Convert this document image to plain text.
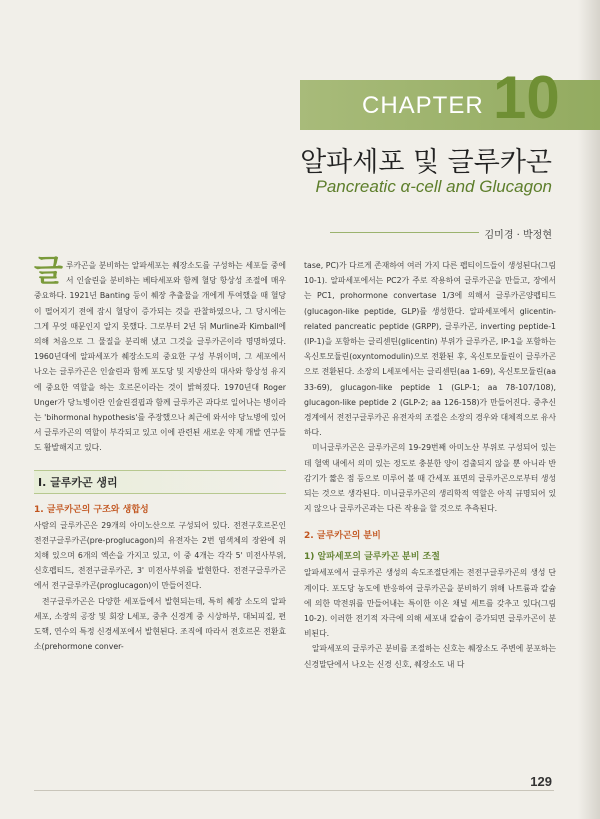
CHAPTER 10
알파세포 및 글루카곤
Pancreatic α-cell and Glucagon
김미경 · 박정현

글루카곤을 분비하는 알파세포는 췌장소도를 구성하는 세포들 중에서 인슐린을 분비하는 베타세포와 함께 혈당 항상성 조절에 매우 중요하다. 1921년 Banting 등이 췌장 추출물을 개에게 투여했을 때 혈당이 떨어지기 전에 잠시 혈당이 증가되는 것을 관찰하였으나, 그 당시에는 그게 무엇 때문인지 알지 못했다. 그로부터 2년 뒤 Murline과 Kimball에 의해 처음으로 그 물질을 분리해 냈고 그것을 글루카곤이라 명명하였다. 1960년대에 알파세포가 췌장소도의 중요한 구성 부위이며, 그 세포에서 나오는 글루카곤은 인슐린과 함께 포도당 및 지방산의 대사와 항상성 유지에 중요한 역할을 하는 호르몬이라는 것이 밝혀졌다. 1970년대 Roger Unger가 당뇨병이란 인슐린결핍과 함께 글루카곤 과다로 일어나는 병이라는 'bihormonal hypothesis'를 주장했으나 최근에 와서야 당뇨병에 있어서 글루카곤의 역할이 부각되고 있고 이에 관련된 새로운 약제 개발 연구들도 활발해지고 있다.

Ⅰ. 글루카곤 생리
1. 글루카곤의 구조와 생합성

사람의 글루카곤은 29개의 아미노산으로 구성되어 있다. 전전구호르몬인 전전구글루카곤(pre-proglucagon)의 유전자는 2번 염색체의 장완에 위치해 있으며 6개의 엑손을 가지고 있고, 이 중 4개는 각각 5' 미전사부위, 신호펩티드, 전전구글루카곤, 3' 미전사부위를 발현한다. 전전구글루카곤에서 전구글루카곤(proglucagon)이 만들어진다.

전구글루카곤은 다양한 세포들에서 발현되는데, 특히 췌장 소도의 알파세포, 소장의 공장 및 회장 L세포, 중추 신경계 중 시상하부, 대뇌피질, 편도핵, 연수의 특정 신경세포에서 발현된다. 조직에 따라서 전호르몬 전환효소(prehormone conver-

tase, PC)가 다르게 존재하여 여러 가지 다른 펩티이드들이 생성된다(그림 10-1). 알파세포에서는 PC2가 주로 작용하여 글루카곤을 만들고, 장에서는 PC1, prohormone convertase 1/3에 의해서 글루카곤양펩티드(glucagon-like peptide, GLP)를 생성한다. 알파세포에서 glicentin-related pancreatic peptide (GRPP), 글루카곤, inverting peptide-1 (IP-1)을 포함하는 글리센틴(glicentin) 부위가 글루카곤, IP-1을 포함하는 옥신토모듈린(oxyntomodulin)으로 전환된 후, 옥신토모듈린이 글루카곤으로 전환된다. 소장의 L세포에서는 글리센틴(aa 1-69), 옥신토모듈린(aa 33-69), glucagon-like peptide 1 (GLP-1; aa 78-107/108), glucagon-like peptide 2 (GLP-2; aa 126-158)가 만들어진다. 중추신경계에서 전전구글루카곤 유전자의 조절은 소장의 경우와 대체적으로 유사하다.

미니글루카곤은 글루카곤의 19-29번째 아미노산 부위로 구성되어 있는데 혈액 내에서 의미 있는 정도로 충분한 양이 검출되지 않을 뿐 아니라 반감기가 짧은 점 등으로 미루어 볼 때 간세포 표면의 글루카곤으로부터 생성되는 것으로 생각된다. 미니글루카곤의 생리학적 역할은 아직 규명되어 있지 않으나 글루카곤과는 다른 작용을 할 것으로 추측된다.

2. 글루카곤의 분비
1) 알파세포의 글루카곤 분비 조절

알파세포에서 글루카곤 생성의 속도조절단계는 전전구글루카곤의 생성 단계이다. 포도당 농도에 반응하여 글루카곤을 분비하기 위해 나트륨과 칼슘에 의한 막전위를 만들어내는 특이한 이온 채널 세트를 갖추고 있다(그림 10-2). 이러한 전기적 자극에 의해 세포내 칼슘이 증가되면 글루카곤이 분비된다.

알파세포의 글루카곤 분비를 조절하는 신호는 췌장소도 주변에 분포하는 신경말단에서 나오는 신경 신호, 췌장소도 내 다

129
